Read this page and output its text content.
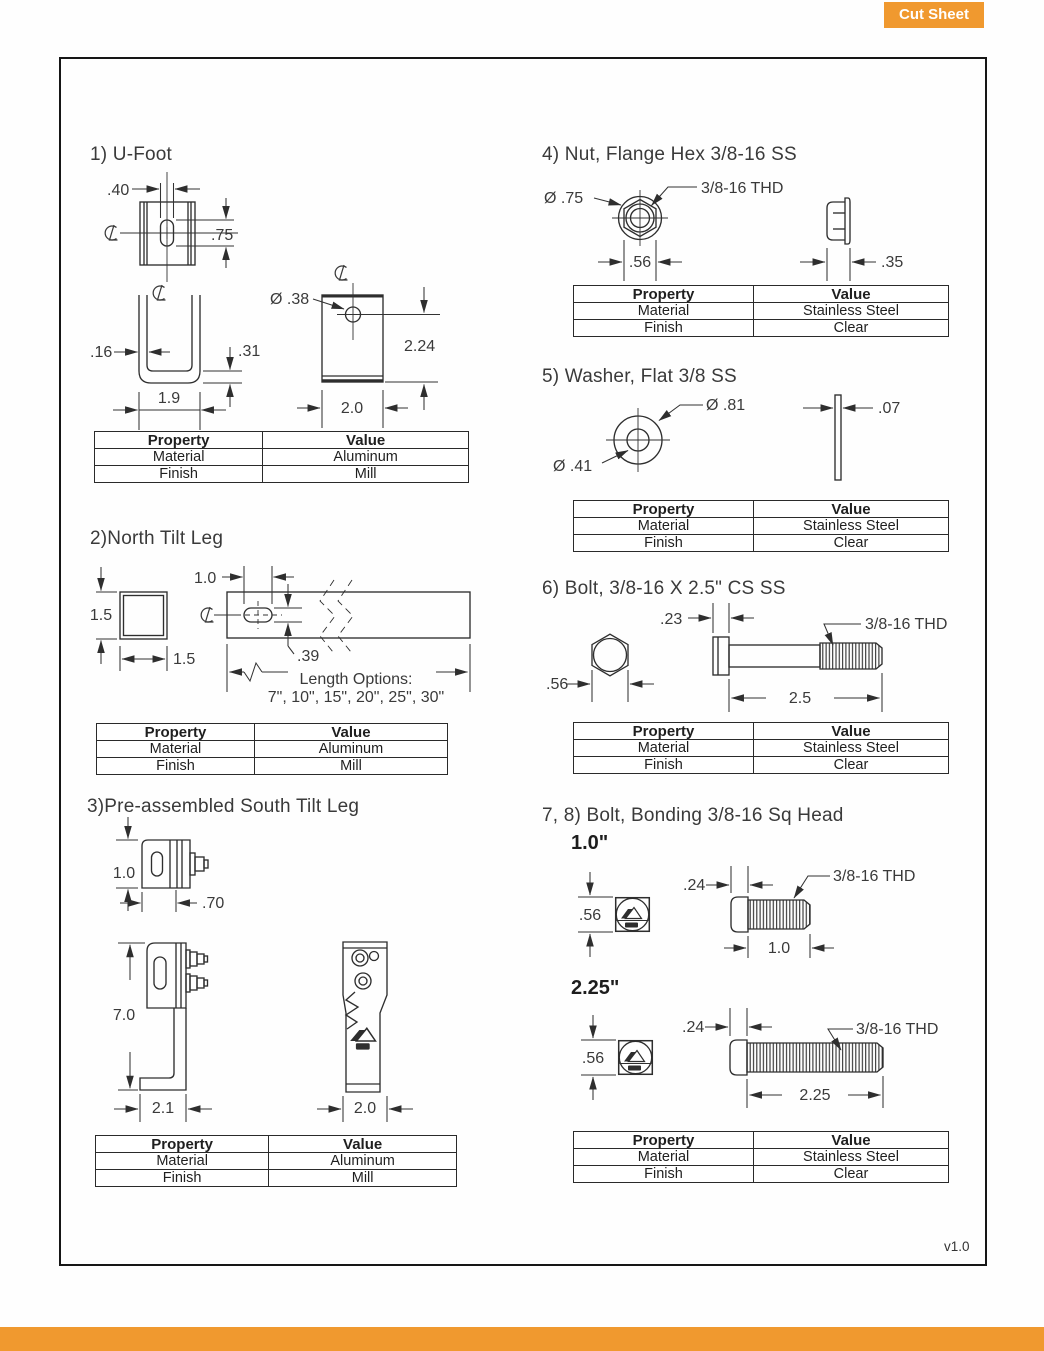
Cut Sheet
v1.0
1) U-Foot
2)North Tilt Leg
3)Pre-assembled South Tilt Leg
4) Nut, Flange Hex 3/8-16 SS
5) Washer, Flat 3/8 SS
6) Bolt, 3/8-16 X 2.5" CS SS
7, 8) Bolt, Bonding 3/8-16 Sq Head
1.0"
2.25"
.40
.75
.16	.31
1.9
Ø .38
2.24
2.0
1.5
1.5
1.0
.39
Length Options:
7", 10", 15", 20", 25", 30"
1.0
.70
7.0
2.1	2.0
Ø .75
3/8-16 THD
.56	.35
Ø .81
Ø .41
.07
.56
.23	3/8-16 THD
2.5
.56
.24
3/8-16 THD
1.0
.56
.24	3/8-16 THD
2.25
Property	Value
Material	Aluminum
Finish	Mill
Property	Value
Material	Aluminum
Finish	Mill
Property	Value
Material	Aluminum
Finish	Mill
Property	Value
Material	Stainless Steel
Finish	Clear
Property	Value
Material	Stainless Steel
Finish	Clear
Property	Value
Material	Stainless Steel
Finish	Clear
Property	Value
Material	Stainless Steel
Finish	Clear
